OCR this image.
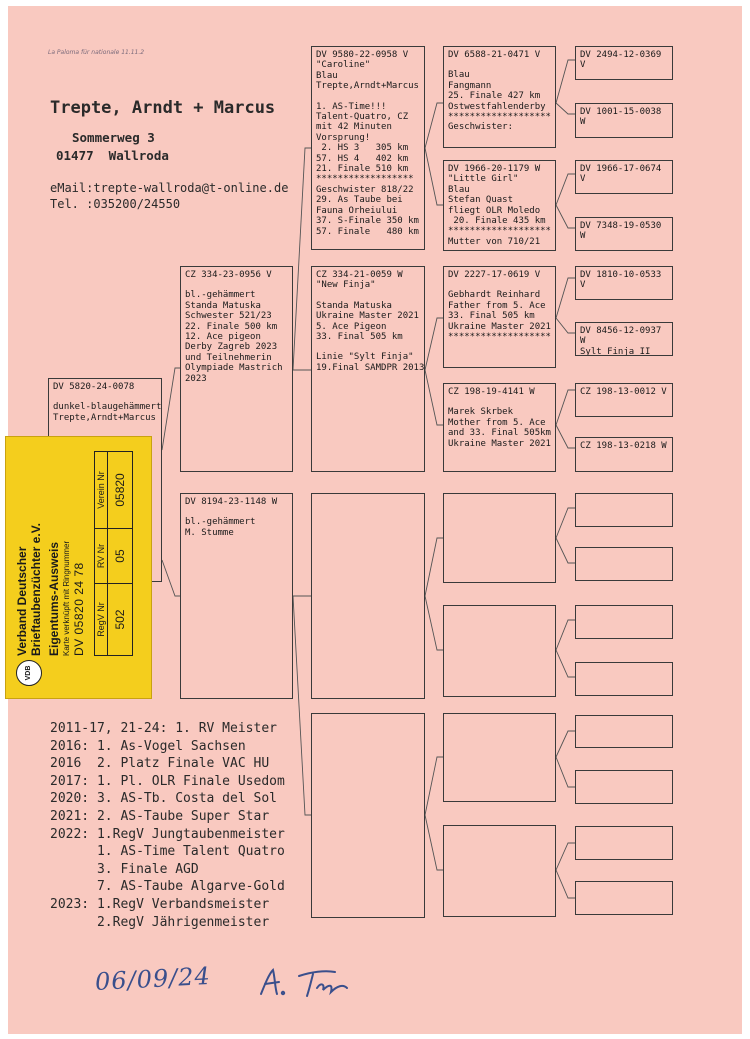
La Paloma für nationale 11.11.2
Trepte, Arndt + Marcus
Sommerweg 3
01477  Wallroda
eMail:trepte-wallroda@t-online.de
Tel. :035200/24550
DV 5820-24-0078
dunkel-blaugehämmert
Trepte,Arndt+Marcus
CZ 334-23-0956 V
bl.-gehämmert
Standa Matuska
Schwester 521/23
22. Finale 500 km
12. Ace pigeon
Derby Zagreb 2023
und Teilnehmerin
Olympiade Mastrich
2023
DV 8194-23-1148 W
bl.-gehämmert
M. Stumme
DV 9580-22-0958 V
"Caroline"
Blau
Trepte,Arndt+Marcus
1. AS-Time!!!
Talent-Quatro, CZ
mit 42 Minuten
Vorsprung!
2. HS 3   305 km
57. HS 4   402 km
21. Finale 510 km
******************
Geschwister 818/22
29. As Taube bei
Fauna Orheiului
37. S-Finale 350 km
57. Finale   480 km
CZ 334-21-0059 W
"New Finja"
Standa Matuska
Ukraine Master 2021
5. Ace Pigeon
33. Final 505 km
Linie "Sylt Finja"
19.Final SAMDPR 2013
DV 6588-21-0471 V
Blau
Fangmann
25. Finale 427 km
Ostwestfahlenderby
*******************
Geschwister:
DV 1966-20-1179 W
"Little Girl"
Blau
Stefan Quast
fliegt OLR Moledo
20. Finale 435 km
*******************
Mutter von 710/21
DV 2227-17-0619 V
Gebhardt Reinhard
Father from 5. Ace
33. Final 505 km
Ukraine Master 2021
*******************
CZ 198-19-4141 W
Marek Skrbek
Mother from 5. Ace
and 33. Final 505km
Ukraine Master 2021
DV 2494-12-0369 V
DV 1001-15-0038 W
DV 1966-17-0674 V
DV 7348-19-0530 W
DV 1810-10-0533 V
DV 8456-12-0937 W
Sylt Finja II
CZ 198-13-0012 V
CZ 198-13-0218 W
2011-17, 21-24: 1. RV Meister
2016: 1. As-Vogel Sachsen
2016  2. Platz Finale VAC HU
2017: 1. Pl. OLR Finale Usedom
2020: 3. AS-Tb. Costa del Sol
2021: 2. AS-Taube Super Star
2022: 1.RegV Jungtaubenmeister
1. AS-Time Talent Quatro
3. Finale AGD
7. AS-Taube Algarve-Gold
2023: 1.RegV Verbandsmeister
2.RegV Jährigenmeister
06/09/24
VDB
Verband Deutscher Brieftaubenzüchter e.V. Eigentums-Ausweis Karte verknüpft mit Ringnummer DV 05820 24 78 RegV Nr	RV Nr	Verein Nr
502	05	05820
